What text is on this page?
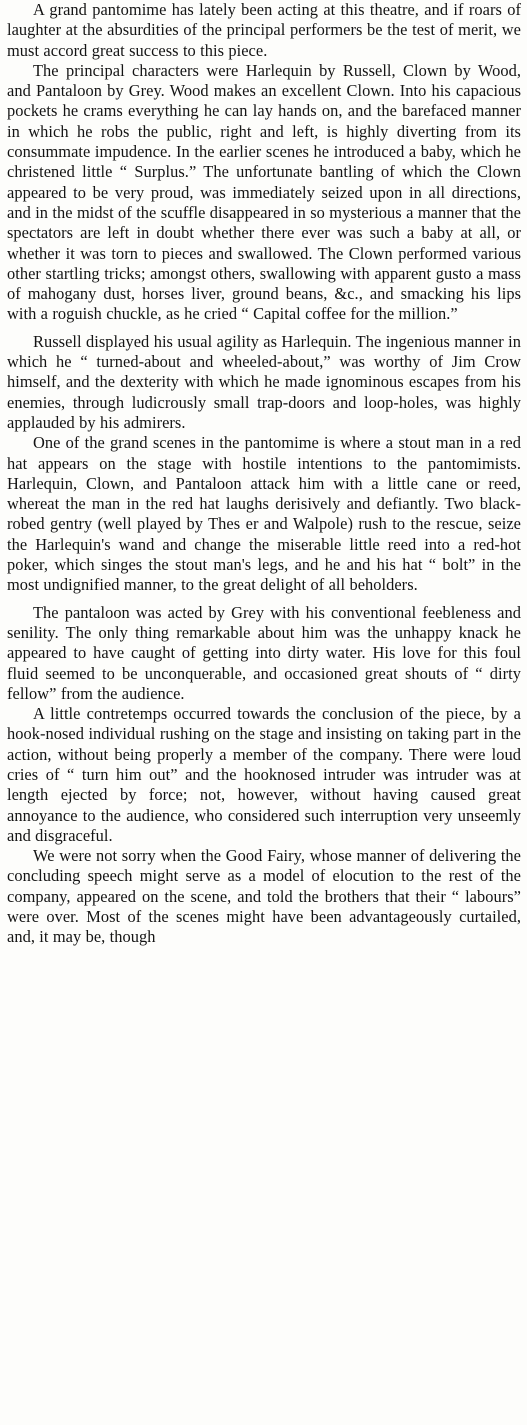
A grand pantomime has lately been acting at this theatre, and if roars of laughter at the absurdities of the principal performers be the test of merit, we must accord great success to this piece.

The principal characters were Harlequin by Russell, Clown by Wood, and Pantaloon by Grey. Wood makes an excellent Clown. Into his capacious pockets he crams everything he can lay hands on, and the barefaced manner in which he robs the public, right and left, is highly diverting from its consummate impudence. In the earlier scenes he introduced a baby, which he christened little “ Surplus.” The unfortunate bantling of which the Clown appeared to be very proud, was immediately seized upon in all directions, and in the midst of the scuffle disappeared in so mysterious a manner that the spectators are left in doubt whether there ever was such a baby at all, or whether it was torn to pieces and swallowed. The Clown performed various other startling tricks; amongst others, swallowing with apparent gusto a mass of mahogany dust, horses liver, ground beans, &c., and smacking his lips with a roguish chuckle, as he cried “ Capital coffee for the million.”

Russell displayed his usual agility as Harlequin. The ingenious manner in which he “ turned-about and wheeled-about,” was worthy of Jim Crow himself, and the dexterity with which he made ignominous escapes from his enemies, through ludicrously small trap-doors and loop-holes, was highly applauded by his admirers.

One of the grand scenes in the pantomime is where a stout man in a red hat appears on the stage with hostile intentions to the pantomimists. Harlequin, Clown, and Pantaloon attack him with a little cane or reed, whereat the man in the red hat laughs derisively and defiantly. Two black-robed gentry (well played by Thes er and Walpole) rush to the rescue, seize the Harlequin's wand and change the miserable little reed into a red-hot poker, which singes the stout man's legs, and he and his hat “ bolt” in the most undignified manner, to the great delight of all beholders.

The pantaloon was acted by Grey with his conventional feebleness and senility. The only thing remarkable about him was the unhappy knack he appeared to have caught of getting into dirty water. His love for this foul fluid seemed to be unconquerable, and occasioned great shouts of “ dirty fellow” from the audience.

A little contretemps occurred towards the conclusion of the piece, by a hook-nosed individual rushing on the stage and insisting on taking part in the action, without being properly a member of the company. There were loud cries of “ turn him out” and the hooknosed intruder was intruder was at length ejected by force; not, however, without having caused great annoyance to the audience, who considered such interruption very unseemly and disgraceful.

We were not sorry when the Good Fairy, whose manner of delivering the concluding speech might serve as a model of elocution to the rest of the company, appeared on the scene, and told the brothers that their “ labours” were over. Most of the scenes might have been advantageously curtailed, and, it may be, though
